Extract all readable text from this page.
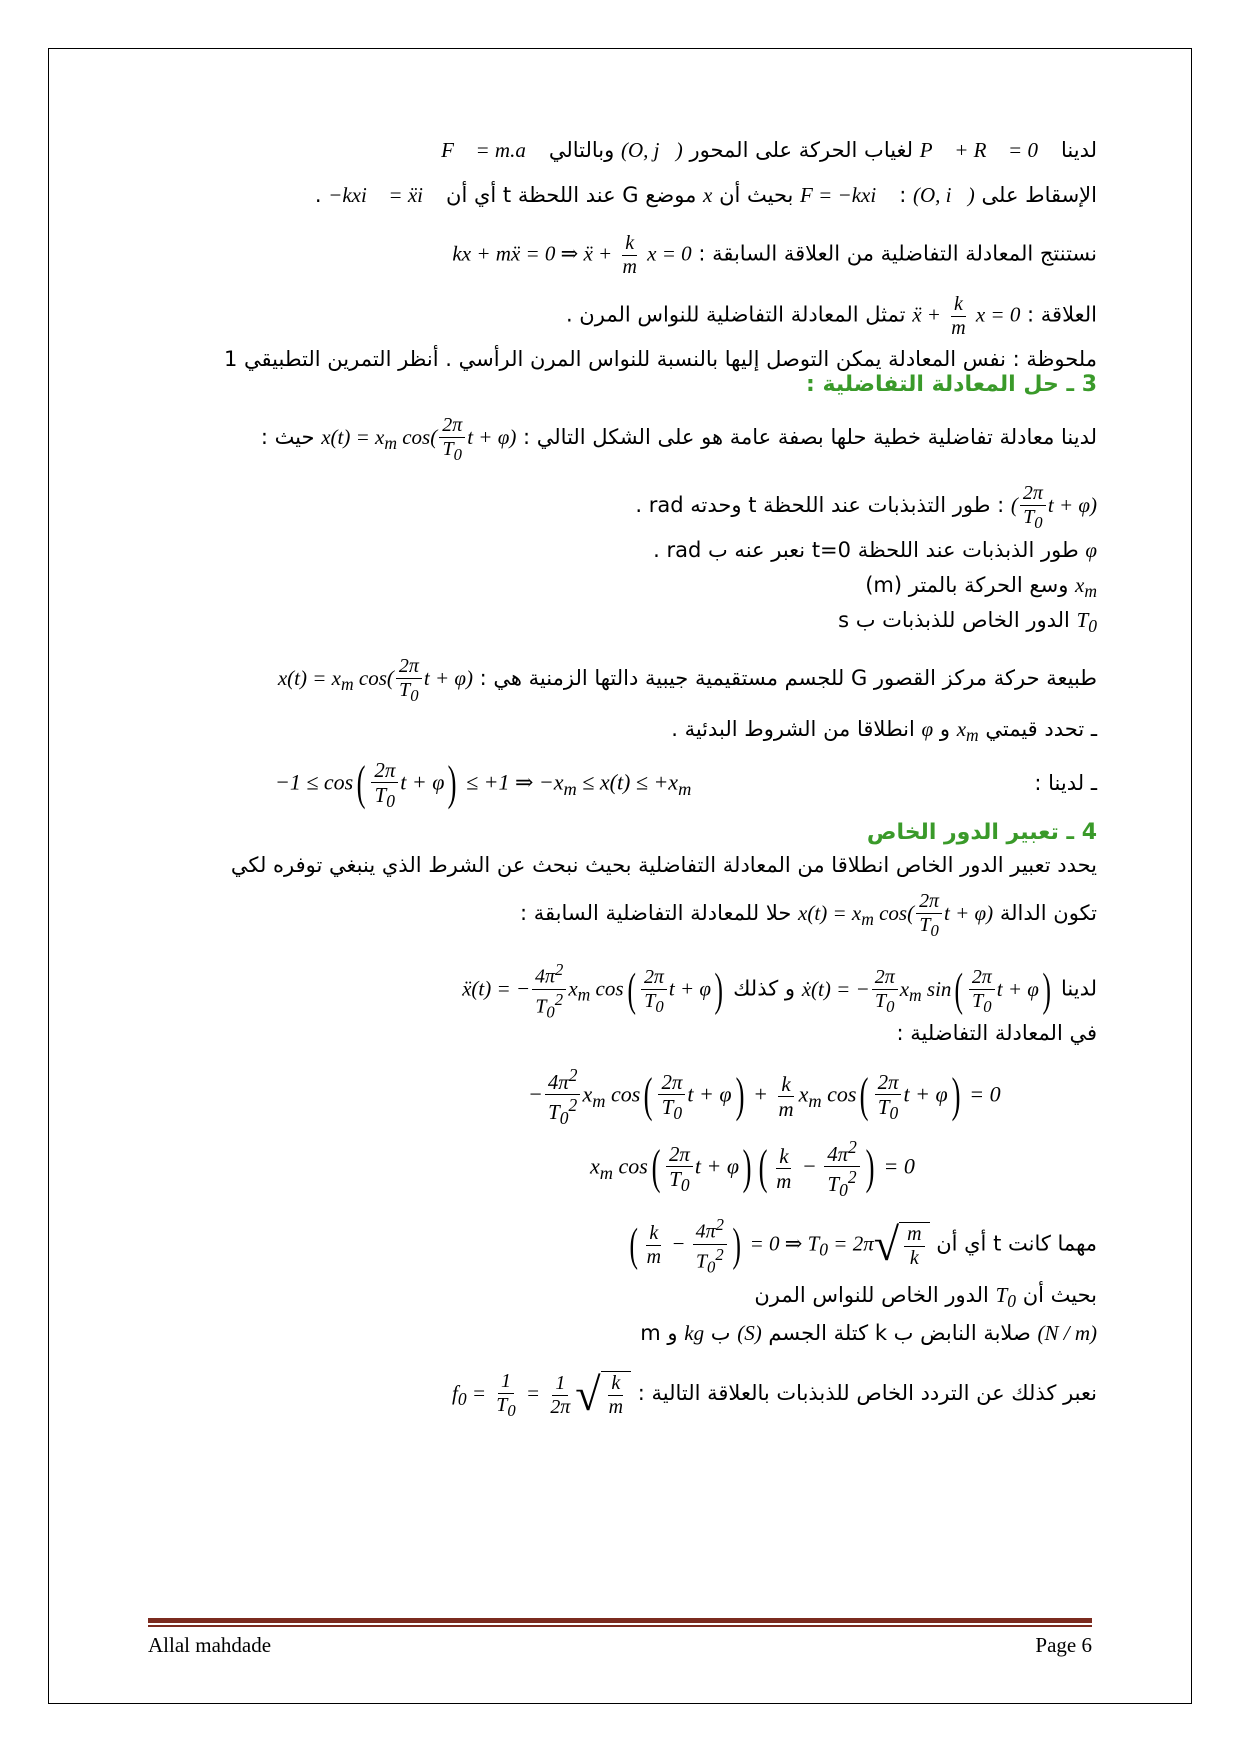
لدينا P⃗ + R⃗ = 0⃗ لغياب الحركة على المحور (O, j⃗) وبالتالي F⃗ = m.a⃗
الإسقاط على (O, i⃗) : F = −kxi⃗ بحيث أن x موضع G عند اللحظة t أي أن −kxi⃗ = ẍi⃗ .
نستنتج المعادلة التفاضلية من العلاقة السابقة : kx + mẍ = 0 ⇒ ẍ + $\frac{k}{m}$ x = 0
العلاقة : ẍ + $\frac{k}{m}$ x = 0 تمثل المعادلة التفاضلية للنواس المرن .
ملحوظة : نفس المعادلة يمكن التوصل إليها بالنسبة للنواس المرن الرأسي . أنظر التمرين التطبيقي 1
3 ـ حل المعادلة التفاضلية :
لدينا معادلة تفاضلية خطية حلها بصفة عامة هو على الشكل التالي : $x(t) = x_m$ $\cos( \frac{2\pi}{T_0}$ t + φ) حيث :
( $\frac{2\pi}{T_0}$ t + φ) : طور التذبذبات عند اللحظة t وحدته rad .
φ طور الذبذبات عند اللحظة t=0 نعبر عنه ب rad .
$x_m$ وسع الحركة بالمتر (m)
$T_0$ الدور الخاص للذبذبات ب s
طبيعة حركة مركز القصور G للجسم مستقيمية جيبية دالتها الزمنية هي : $x(t) = x_m$ $\cos( \frac{2\pi}{T_0}$ t + φ)
ـ تحدد قيمتي $x_m$ و φ انطلاقا من الشروط البدئية .
ـ لدينا :
$-1 \le \cos( \frac{2\pi}{T_0}$ t + φ) ≤ +1 ⇒ $-x_m \le x(t) \le +x_m$
4 ـ تعبير الدور الخاص
يحدد تعبير الدور الخاص انطلاقا من المعادلة التفاضلية بحيث نبحث عن الشرط الذي ينبغي توفره لكي
تكون الدالة $x(t) = x_m$ $\cos( \frac{2\pi}{T_0}$ t + φ) حلا للمعادلة التفاضلية السابقة :
لدينا ẋ(t) = − $\frac{2\pi}{T_0} x_m$ $\sin( \frac{2\pi}{T_0}$ t + φ) و كذلك ẍ(t) = − $\frac{4\pi^2}{T_0^2} x_m$ $\cos( \frac{2\pi}{T_0}$ t + φ)
في المعادلة التفاضلية :
− $\frac{4\pi^2}{T_0^2} x_m$ $\cos( \frac{2\pi}{T_0}$ $t + \varphi) + \frac{k}{m} x_m$ $\cos( \frac{2\pi}{T_0}$ t + φ) = 0
$x_m$ $\cos( \frac{2\pi}{T_0}$ t + φ) ( $\frac{k}{m} - \frac{4\pi^2}{T_0^2}$ ) = 0
مهما كانت t أي أن ( $\frac{k}{m} - \frac{4\pi^2}{T_0^2}$ ) = 0 ⇒ $T_0 = 2\pi$ √ m
k
بحيث أن $T_0$ الدور الخاص للنواس المرن
m كتلة الجسم (S) ب kg و k صلابة النابض ب (N / m)
نعبر كذلك عن التردد الخاص للذبذبات بالعلاقة التالية : $f_0 = \frac{1}{T_0} = \frac{1}{2\pi}$ √ k
m
Allal mahdade	Page 6
